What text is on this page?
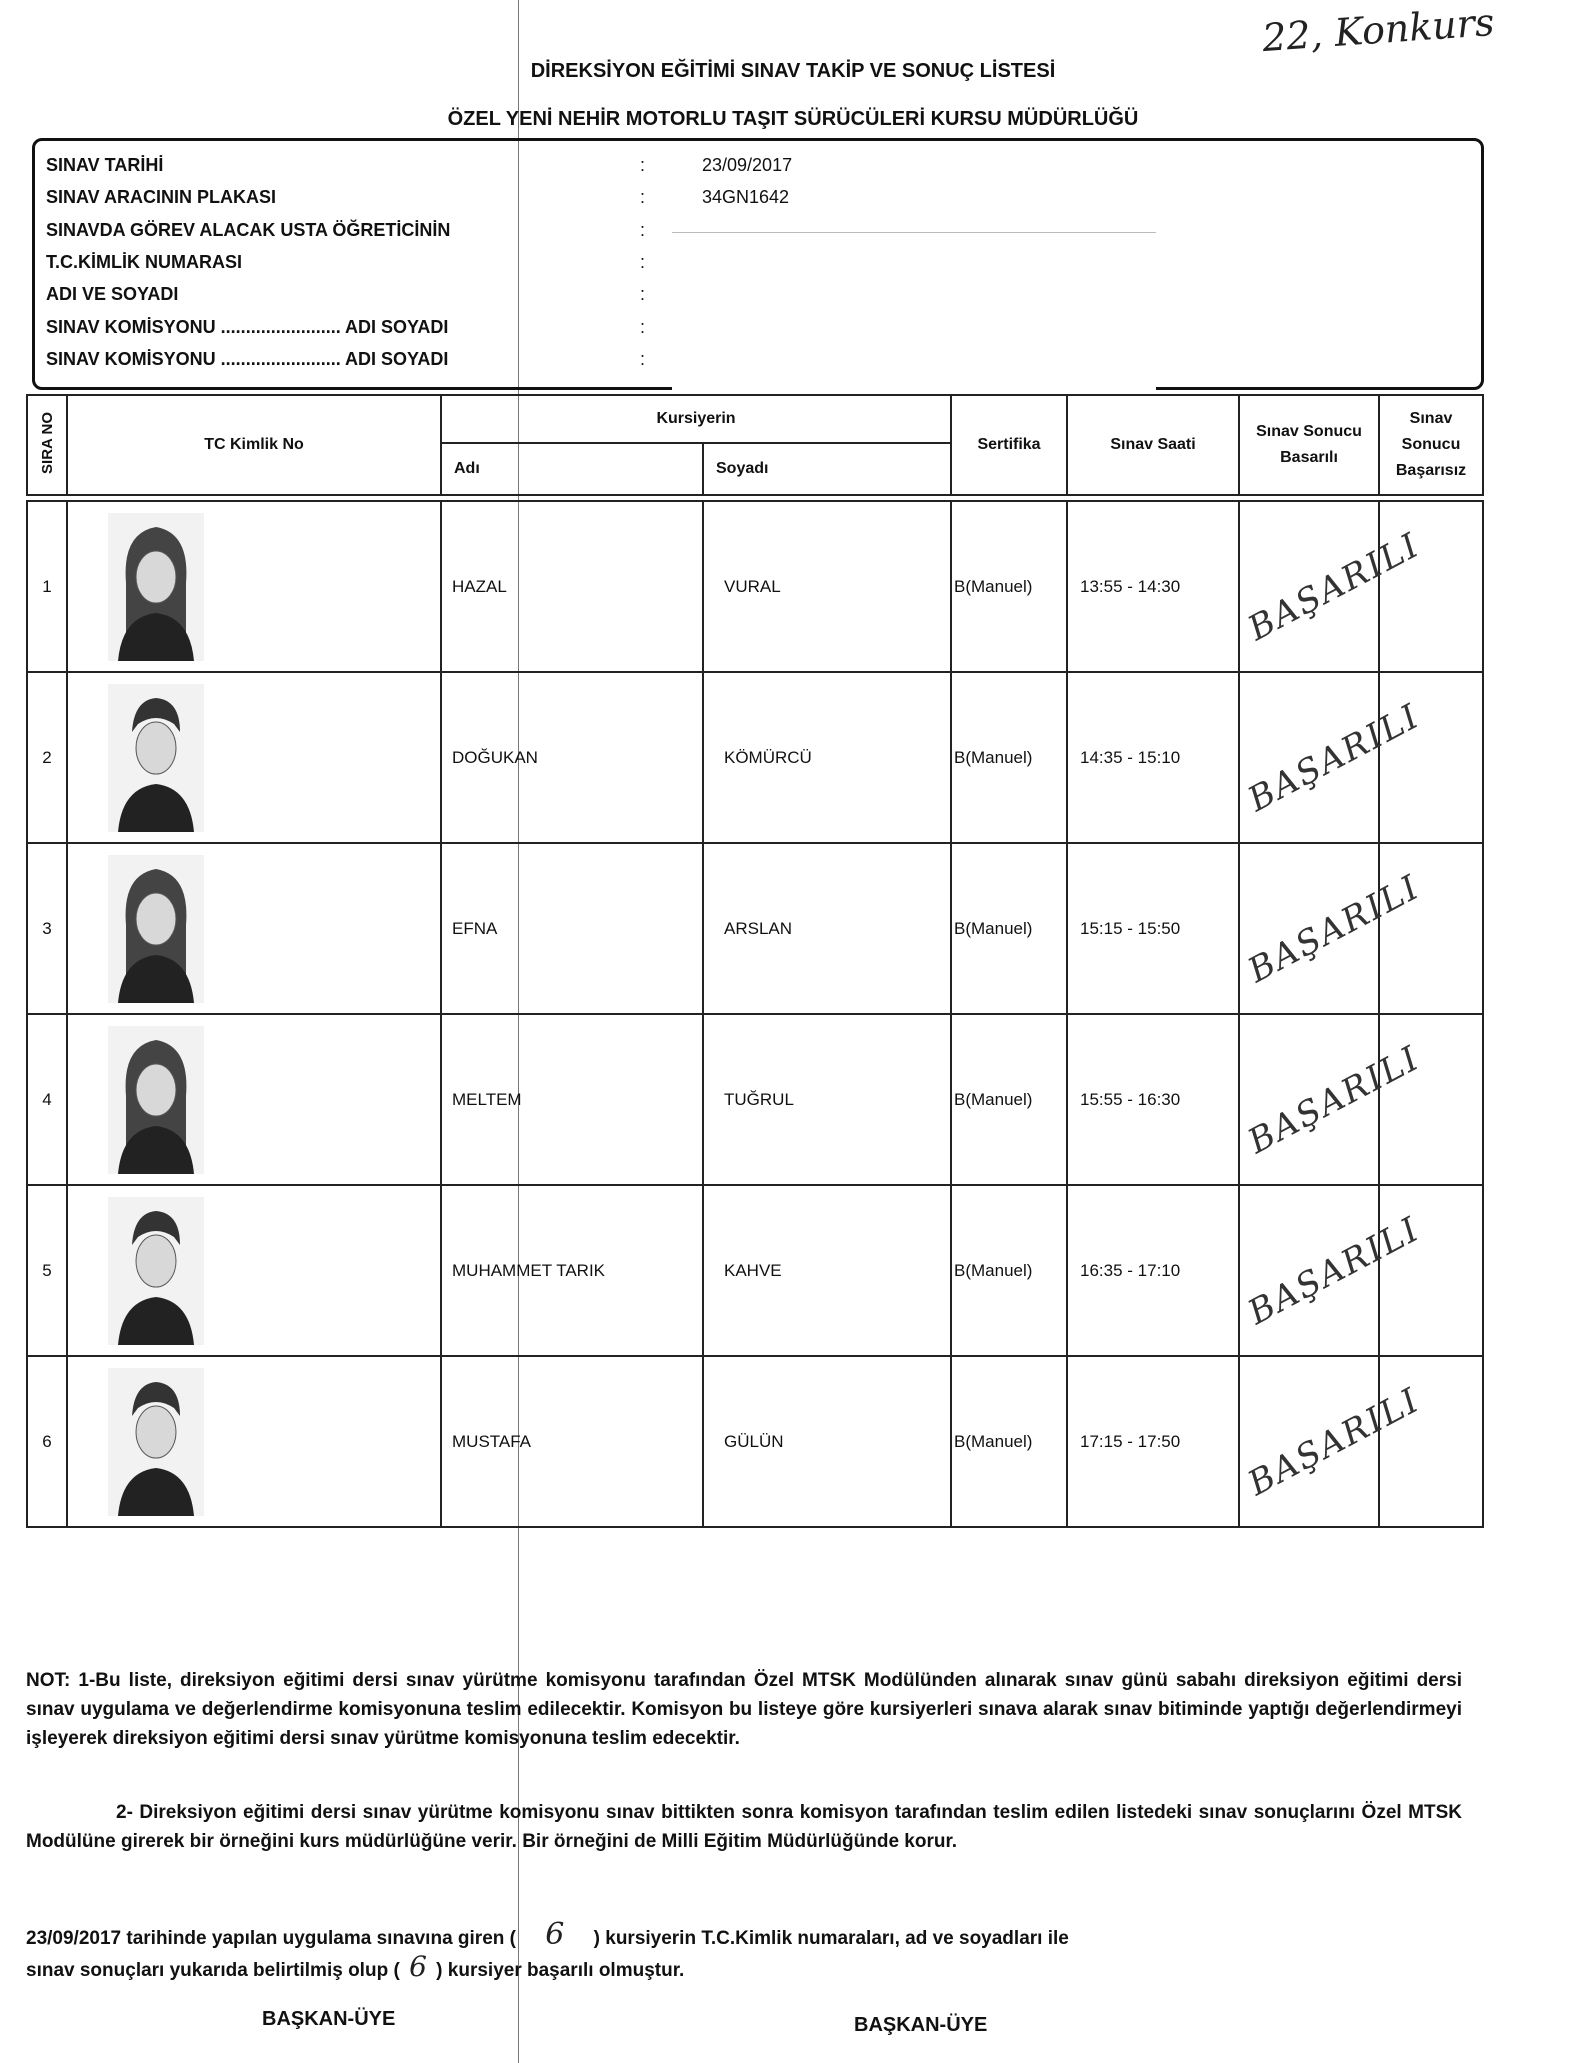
22, Konkurs
DİREKSİYON EĞİTİMİ SINAV TAKİP VE SONUÇ LİSTESİ
ÖZEL YENİ NEHİR MOTORLU TAŞIT SÜRÜCÜLERİ KURSU MÜDÜRLÜĞÜ
SINAV TARİHİ	:	23/09/2017
SINAV ARACININ PLAKASI	:	34GN1642
SINAVDA GÖREV ALACAK USTA ÖĞRETİCİNİN	:
T.C.KİMLİK NUMARASI	:
ADI VE SOYADI	:
SINAV KOMİSYONU ........................ ADI SOYADI	:
SINAV KOMİSYONU ........................ ADI SOYADI	:
SIRA NO	TC Kimlik No	Kursiyerin		Sertifika	Sınav Saati	Sınav Sonucu Basarılı	Sınav Sonucu Başarısız
		Adı	Soyadı				

1		HAZAL	VURAL	B(Manuel)	13:55 - 14:30	BAŞARILI	
2		DOĞUKAN	KÖMÜRCÜ	B(Manuel)	14:35 - 15:10	BAŞARILI	
3		EFNA	ARSLAN	B(Manuel)	15:15 - 15:50	BAŞARILI	
4		MELTEM	TUĞRUL	B(Manuel)	15:55 - 16:30	BAŞARILI	
5		MUHAMMET TARIK	KAHVE	B(Manuel)	16:35 - 17:10	BAŞARILI	
6		MUSTAFA	GÜLÜN	B(Manuel)	17:15 - 17:50	BAŞARILI	
NOT: 1-Bu liste, direksiyon eğitimi dersi sınav yürütme komisyonu tarafından Özel MTSK Modülünden alınarak sınav günü sabahı direksiyon eğitimi dersi sınav uygulama ve değerlendirme komisyonuna teslim edilecektir. Komisyon bu listeye göre kursiyerleri sınava alarak sınav bitiminde yaptığı değerlendirmeyi işleyerek direksiyon eğitimi dersi sınav yürütme komisyonuna teslim edecektir.
2- Direksiyon eğitimi dersi sınav yürütme komisyonu sınav bittikten sonra komisyon tarafından teslim edilen listedeki sınav sonuçlarını Özel MTSK Modülüne girerek bir örneğini kurs müdürlüğüne verir. Bir örneğini de Milli Eğitim Müdürlüğünde korur.
23/09/2017 tarihinde yapılan uygulama sınavına giren ( 6 ) kursiyerin T.C.Kimlik numaraları, ad ve soyadları ile
sınav sonuçları yukarıda belirtilmiş olup ( 6 ) kursiyer başarılı olmuştur.
BAŞKAN-ÜYE	BAŞKAN-ÜYE
